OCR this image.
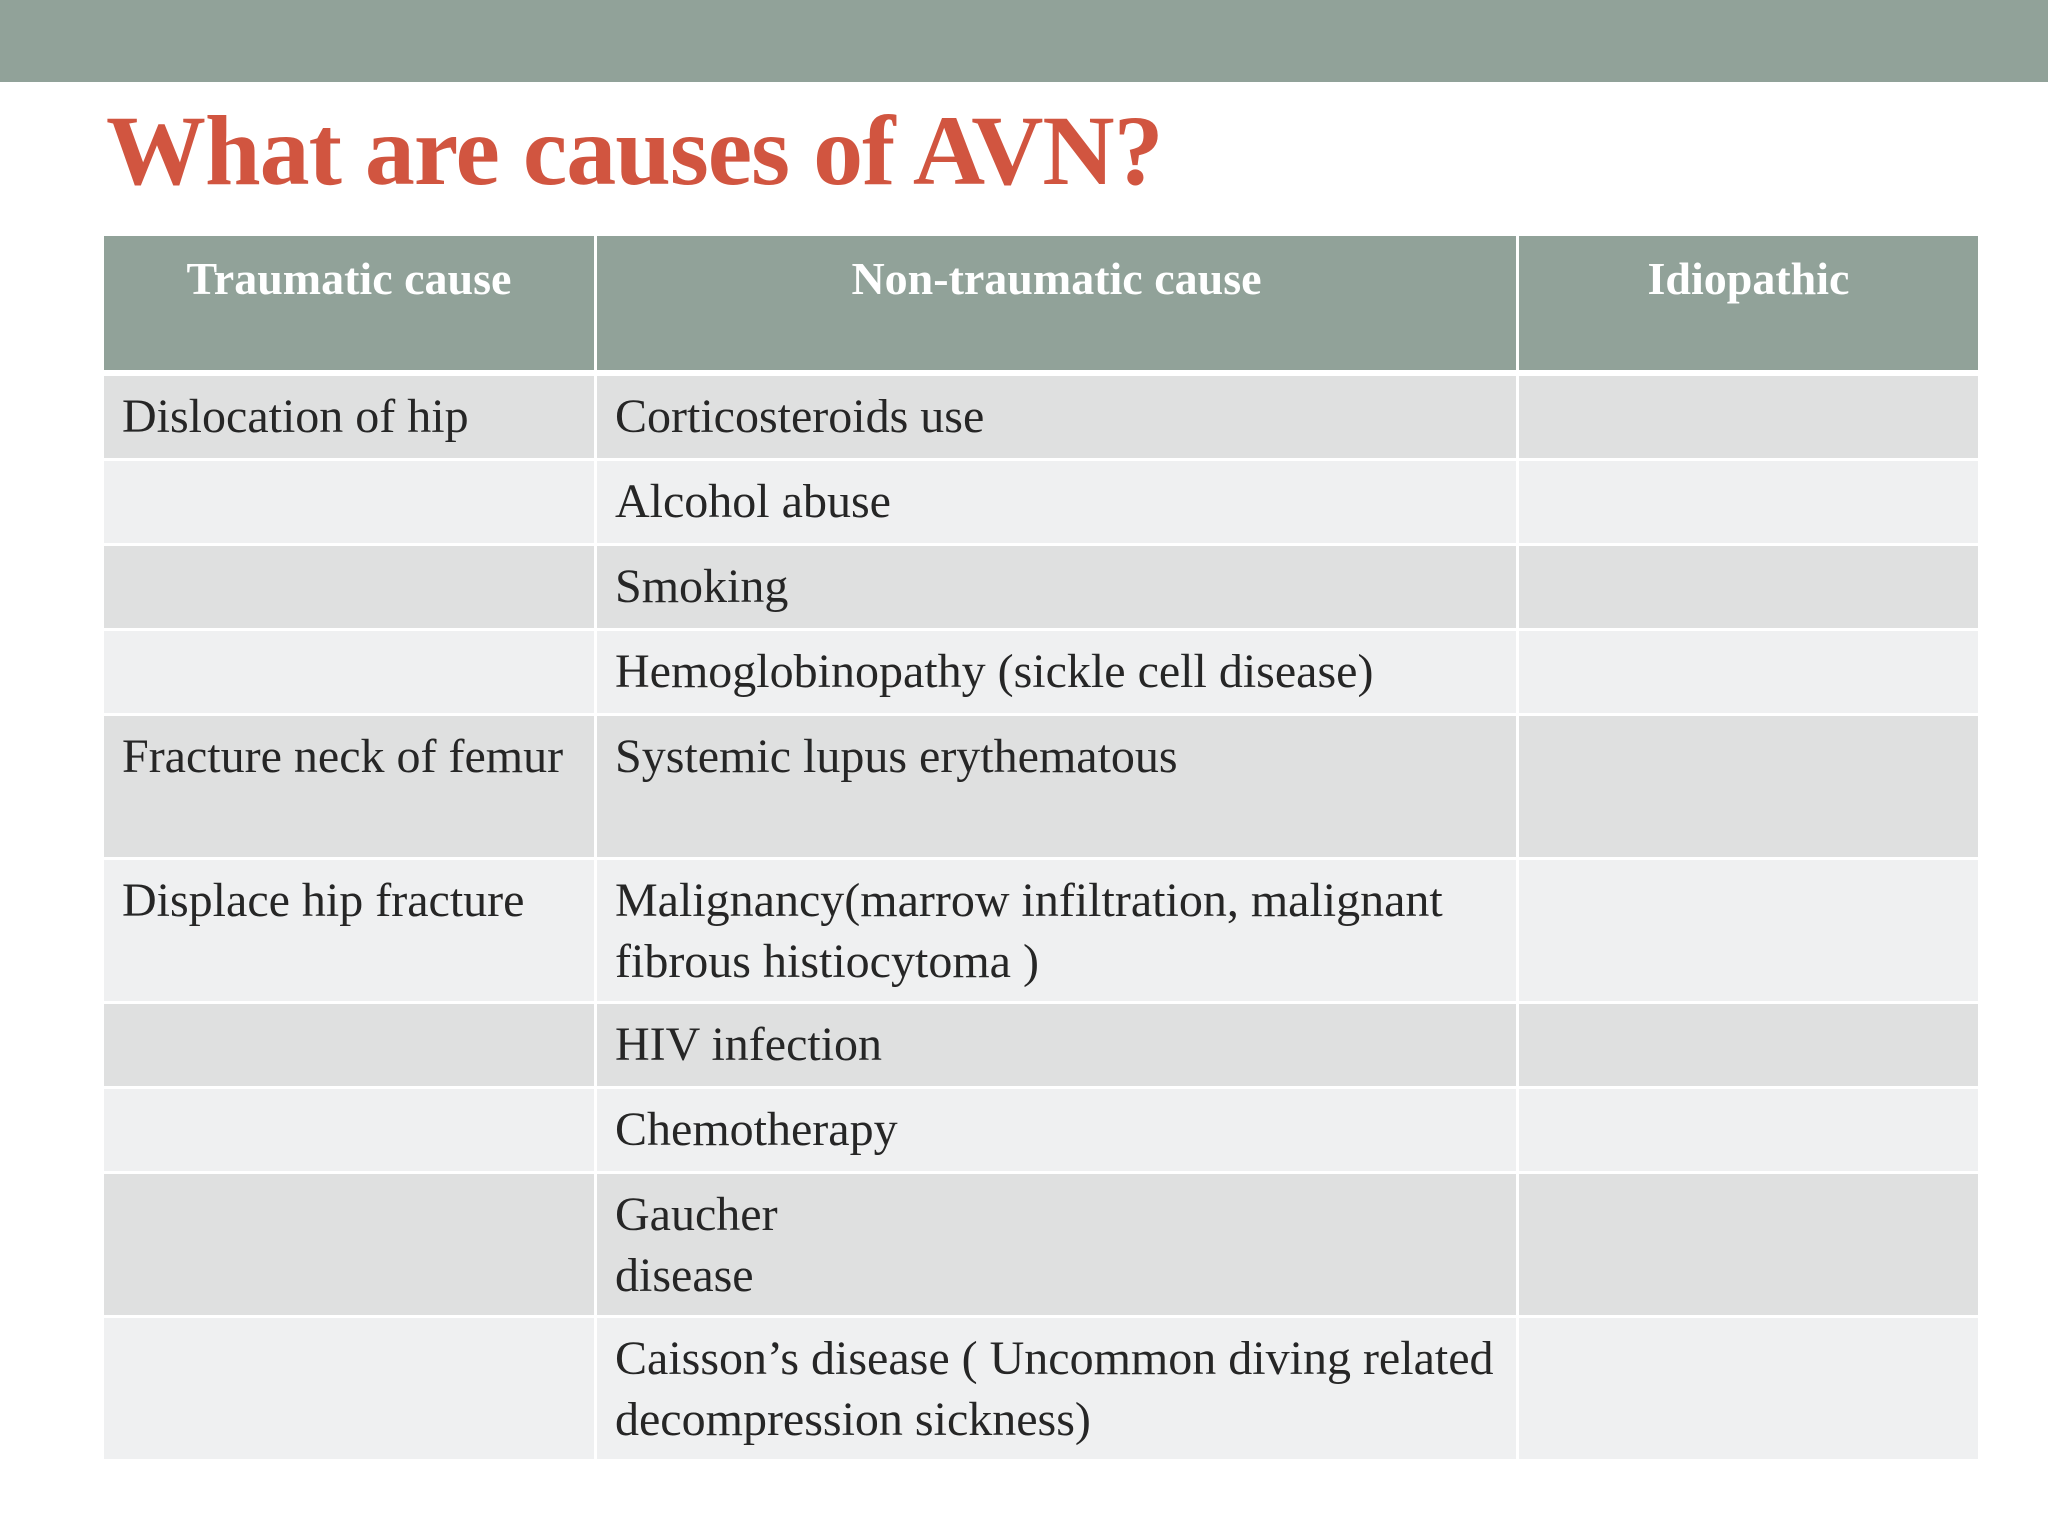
What are causes of AVN?
Traumatic cause	Non-traumatic cause	Idiopathic
Dislocation of hip	Corticosteroids use	
	Alcohol abuse	
	Smoking	
	Hemoglobinopathy (sickle cell disease)	
Fracture neck of femur	Systemic lupus erythematous	
Displace hip fracture	Malignancy(marrow infiltration, malignant fibrous histiocytoma )	
	HIV infection	
	Chemotherapy	
	Gaucher
disease	
	Caisson’s disease ( Uncommon diving related decompression sickness)	
